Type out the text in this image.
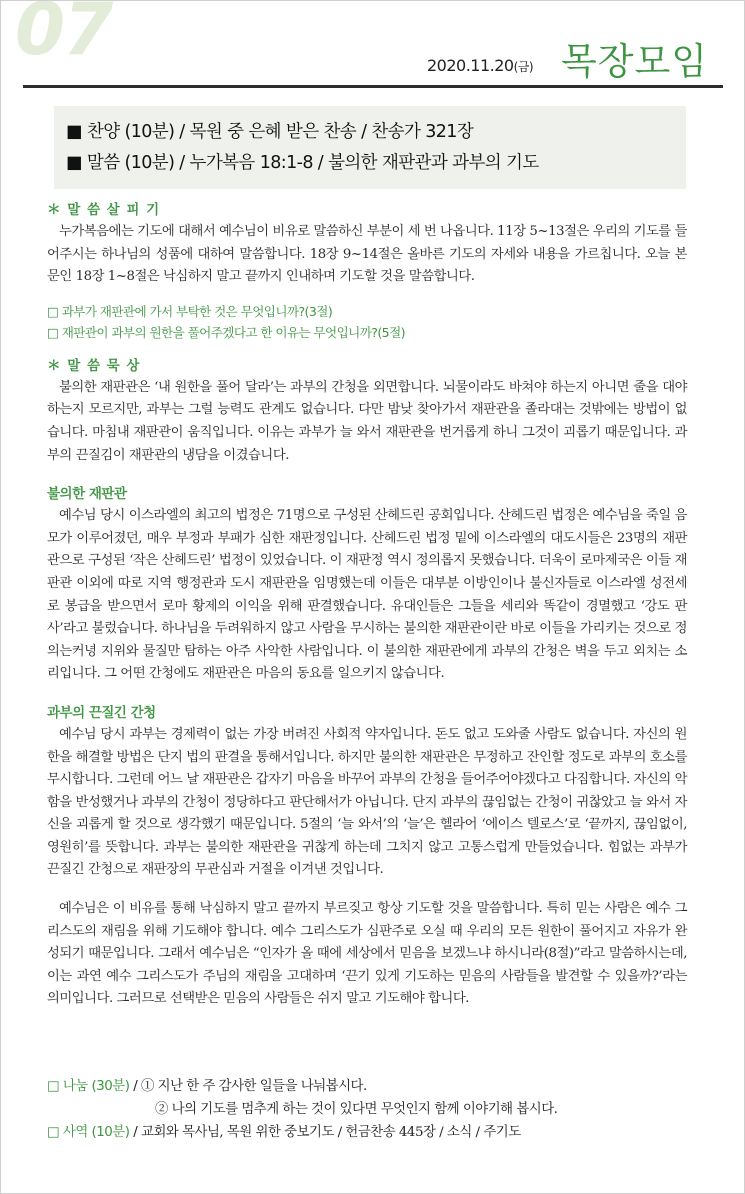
07	2020.11.20(금) 목장모임
■ 찬양 (10분) / 목원 중 은혜 받은 찬송 / 찬송가 321장
■ 말씀 (10분) / 누가복음 18:1-8 / 불의한 재판관과 과부의 기도
＊ 말 씀 살 피 기

누가복음에는 기도에 대해서 예수님이 비유로 말씀하신 부분이 세 번 나옵니다. 11장 5~13절은 우리의 기도를 들어주시는 하나님의 성품에 대하여 말씀합니다. 18장 9~14절은 올바른 기도의 자세와 내용을 가르칩니다. 오늘 본문인 18장 1~8절은 낙심하지 말고 끝까지 인내하며 기도할 것을 말씀합니다.

□ 과부가 재판관에 가서 부탁한 것은 무엇입니까?(3절)
□ 재판관이 과부의 원한을 풀어주겠다고 한 이유는 무엇입니까?(5절)
＊ 말 씀 묵 상

불의한 재판관은 ‘내 원한을 풀어 달라’는 과부의 간청을 외면합니다. 뇌물이라도 바쳐야 하는지 아니면 줄을 대야 하는지 모르지만, 과부는 그럴 능력도 관계도 없습니다. 다만 밤낮 찾아가서 재판관을 졸라대는 것밖에는 방법이 없습니다. 마침내 재판관이 움직입니다. 이유는 과부가 늘 와서 재판관을 번거롭게 하니 그것이 괴롭기 때문입니다. 과부의 끈질김이 재판관의 냉담을 이겼습니다.

불의한 재판관

예수님 당시 이스라엘의 최고의 법정은 71명으로 구성된 산헤드린 공회입니다. 산헤드린 법정은 예수님을 죽일 음모가 이루어졌던, 매우 부정과 부패가 심한 재판정입니다. 산헤드린 법정 밑에 이스라엘의 대도시들은 23명의 재판관으로 구성된 ‘작은 산헤드린’ 법정이 있었습니다. 이 재판정 역시 정의롭지 못했습니다. 더욱이 로마제국은 이들 재판관 이외에 따로 지역 행정관과 도시 재판관을 임명했는데 이들은 대부분 이방인이나 불신자들로 이스라엘 성전세로 봉급을 받으면서 로마 황제의 이익을 위해 판결했습니다. 유대인들은 그들을 세리와 똑같이 경멸했고 ‘강도 판사’라고 불렀습니다. 하나님을 두려워하지 않고 사람을 무시하는 불의한 재판관이란 바로 이들을 가리키는 것으로 정의는커녕 지위와 물질만 탐하는 아주 사악한 사람입니다. 이 불의한 재판관에게 과부의 간청은 벽을 두고 외치는 소리입니다. 그 어떤 간청에도 재판관은 마음의 동요를 일으키지 않습니다.

과부의 끈질긴 간청

예수님 당시 과부는 경제력이 없는 가장 버려진 사회적 약자입니다. 돈도 없고 도와줄 사람도 없습니다. 자신의 원한을 해결할 방법은 단지 법의 판결을 통해서입니다. 하지만 불의한 재판관은 무정하고 잔인할 정도로 과부의 호소를 무시합니다. 그런데 어느 날 재판관은 갑자기 마음을 바꾸어 과부의 간청을 들어주어야겠다고 다짐합니다. 자신의 악함을 반성했거나 과부의 간청이 정당하다고 판단해서가 아닙니다. 단지 과부의 끊임없는 간청이 귀찮았고 늘 와서 자신을 괴롭게 할 것으로 생각했기 때문입니다. 5절의 ‘늘 와서’의 ‘늘’은 헬라어 ‘에이스 텔로스’로 ‘끝까지, 끊임없이, 영원히’를 뜻합니다. 과부는 불의한 재판관을 귀찮게 하는데 그치지 않고 고통스럽게 만들었습니다. 힘없는 과부가 끈질긴 간청으로 재판장의 무관심과 거절을 이겨낸 것입니다.

예수님은 이 비유를 통해 낙심하지 말고 끝까지 부르짖고 항상 기도할 것을 말씀합니다. 특히 믿는 사람은 예수 그리스도의 재림을 위해 기도해야 합니다. 예수 그리스도가 심판주로 오실 때 우리의 모든 원한이 풀어지고 자유가 완성되기 때문입니다. 그래서 예수님은 “인자가 올 때에 세상에서 믿음을 보겠느냐 하시니라(8절)”라고 말씀하시는데, 이는 과연 예수 그리스도가 주님의 재림을 고대하며 ‘끈기 있게 기도하는 믿음의 사람들을 발견할 수 있을까?’라는 의미입니다. 그러므로 선택받은 믿음의 사람들은 쉬지 말고 기도해야 합니다.

□ 나눔 (30분) / ① 지난 한 주 감사한 일들을 나눠봅시다.
② 나의 기도를 멈추게 하는 것이 있다면 무엇인지 함께 이야기해 봅시다.
□ 사역 (10분) / 교회와 목사님, 목원 위한 중보기도 / 헌금찬송 445장 / 소식 / 주기도
